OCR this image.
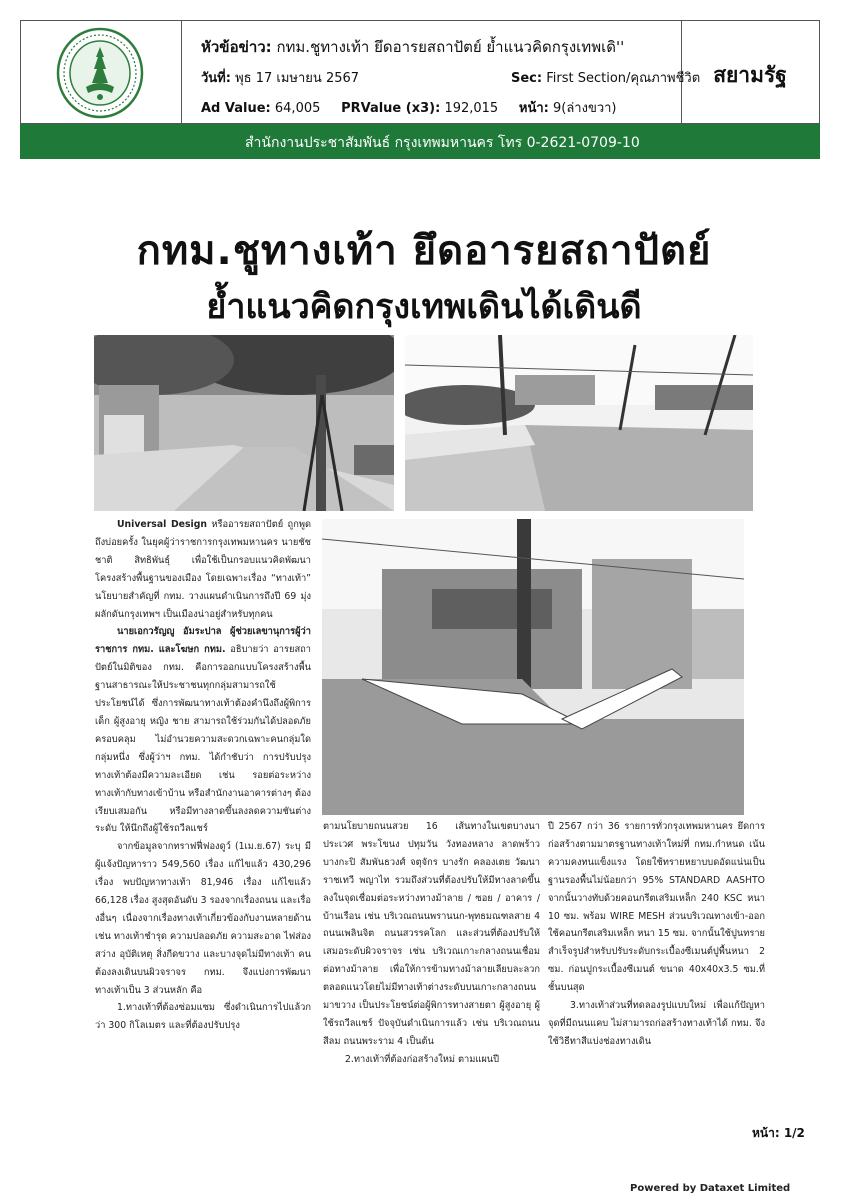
หัวข้อข่าว: กทม.ชูทางเท้า ยึดอารยสถาปัตย์ ย้ำแนวคิดกรุงเทพเดิ''
วันที่: พุธ 17 เมษายน 2567	Sec: First Section/คุณภาพชีวิต
Ad Value: 64,005 PRValue (x3): 192,015 หน้า: 9(ล่างขวา)
สยามรัฐ
สำนักงานประชาสัมพันธ์ กรุงเทพมหานคร โทร 0-2621-0709-10
กทม.ชูทางเท้า ยึดอารยสถาปัตย์
ย้ำแนวคิดกรุงเทพเดินได้เดินดี

Universal Design หรืออารยสถาปัตย์ ถูกพูดถึงบ่อยครั้ง ในยุคผู้ว่าราชการกรุงเทพมหานคร นายชัชชาติ สิทธิพันธุ์ เพื่อใช้เป็นกรอบแนวคิดพัฒนาโครงสร้างพื้นฐานของเมือง โดยเฉพาะเรื่อง “ทางเท้า” นโยบายสำคัญที่ กทม. วางแผนดำเนินการถึงปี 69 มุ่งผลักดันกรุงเทพฯ เป็นเมืองน่าอยู่สำหรับทุกคน

นายเอกวรัญญู อัมระปาล ผู้ช่วยเลขานุการผู้ว่าราชการ กทม. และโฆษก กทม. อธิบายว่า อารยสถาปัตย์ในมิติของ กทม. คือการออกแบบโครงสร้างพื้นฐานสาธารณะให้ประชาชนทุกกลุ่มสามารถใช้ประโยชน์ได้ ซึ่งการพัฒนาทางเท้าต้องคำนึงถึงผู้พิการ เด็ก ผู้สูงอายุ หญิง ชาย สามารถใช้ร่วมกันได้ปลอดภัยครอบคลุม ไม่อำนวยความสะดวกเฉพาะคนกลุ่มใดกลุ่มหนึ่ง ซึ่งผู้ว่าฯ กทม. ได้กำชับว่า การปรับปรุงทางเท้าต้องมีความละเอียด เช่น รอยต่อระหว่างทางเท้ากับทางเข้าบ้าน หรือสำนักงานอาคารต่างๆ ต้องเรียบเสมอกัน หรือมีทางลาดขึ้นลงลดความชันต่างระดับ ให้นึกถึงผู้ใช้รถวีลแชร์

จากข้อมูลจากทราฟฟี่ฟองดูว์ (1เม.ย.67) ระบุ มีผู้แจ้งปัญหาราว 549,560 เรื่อง แก้ไขแล้ว 430,296 เรื่อง พบปัญหาทางเท้า 81,946 เรื่อง แก้ไขแล้ว 66,128 เรื่อง สูงสุดอันดับ 3 รองจากเรื่องถนน และเรื่องอื่นๆ เนื่องจากเรื่องทางเท้าเกี่ยวข้องกับงานหลายด้าน เช่น ทางเท้าชำรุด ความปลอดภัย ความสะอาด ไฟส่องสว่าง อุบัติเหตุ สิ่งกีดขวาง และบางจุดไม่มีทางเท้า คนต้องลงเดินบนผิวจราจร กทม. จึงแบ่งการพัฒนาทางเท้าเป็น 3 ส่วนหลัก คือ

1.ทางเท้าที่ต้องซ่อมแซม ซึ่งดำเนินการไปแล้วกว่า 300 กิโลเมตร และที่ต้องปรับปรุง

ตามนโยบายถนนสวย 16 เส้นทางในเขตบางนา ประเวศ พระโขนง ปทุมวัน วังทองหลาง ลาดพร้าว บางกะปิ สัมพันธวงศ์ จตุจักร บางรัก คลองเตย วัฒนา ราชเทวี พญาไท รวมถึงส่วนที่ต้องปรับให้มีทางลาดขึ้นลงในจุดเชื่อมต่อระหว่างทางม้าลาย / ซอย / อาคาร / บ้านเรือน เช่น บริเวณถนนพรานนก-พุทธมณฑลสาย 4 ถนนเพลินจิต ถนนสวรรคโลก และส่วนที่ต้องปรับให้เสมอระดับผิวจราจร เช่น บริเวณเกาะกลางถนนเชื่อมต่อทางม้าลาย เพื่อให้การข้ามทางม้าลายเลียบละลวกตลอดแนวโดยไม่มีทางเท้าต่างระดับบนเกาะกลางถนนมาขวาง เป็นประโยชน์ต่อผู้พิการทางสายตา ผู้สูงอายุ ผู้ใช้รถวีลแชร์ ปัจจุบันดำเนินการแล้ว เช่น บริเวณถนนสีลม ถนนพระราม 4 เป็นต้น

2.ทางเท้าที่ต้องก่อสร้างใหม่ ตามแผนปี

ปี 2567 กว่า 36 รายการทั่วกรุงเทพมหานคร ยึดการก่อสร้างตามมาตรฐานทางเท้าใหม่ที่ กทม.กำหนด เน้นความคงทนแข็งแรง โดยใช้ทรายหยาบบดอัดแน่นเป็นฐานรองพื้นไม่น้อยกว่า 95% STANDARD AASHTO จากนั้นวางทับด้วยคอนกรีตเสริมเหล็ก 240 KSC หนา 10 ซม. พร้อม WIRE MESH ส่วนบริเวณทางเข้า-ออก ใช้คอนกรีตเสริมเหล็ก หนา 15 ซม. จากนั้นใช้ปูนทรายสำเร็จรูปสำหรับปรับระดับกระเบื้องซีเมนต์ปูพื้นหนา 2 ซม. ก่อนปูกระเบื้องซีเมนต์ ขนาด 40x40x3.5 ซม.ที่ชั้นบนสุด

3.ทางเท้าส่วนที่ทดลองรูปแบบใหม่ เพื่อแก้ปัญหาจุดที่มีถนนแคบ ไม่สามารถก่อสร้างทางเท้าได้ กทม. จึงใช้วิธีทาสีแบ่งช่องทางเดิน

หน้า: 1/2
Powered by Dataxet Limited
